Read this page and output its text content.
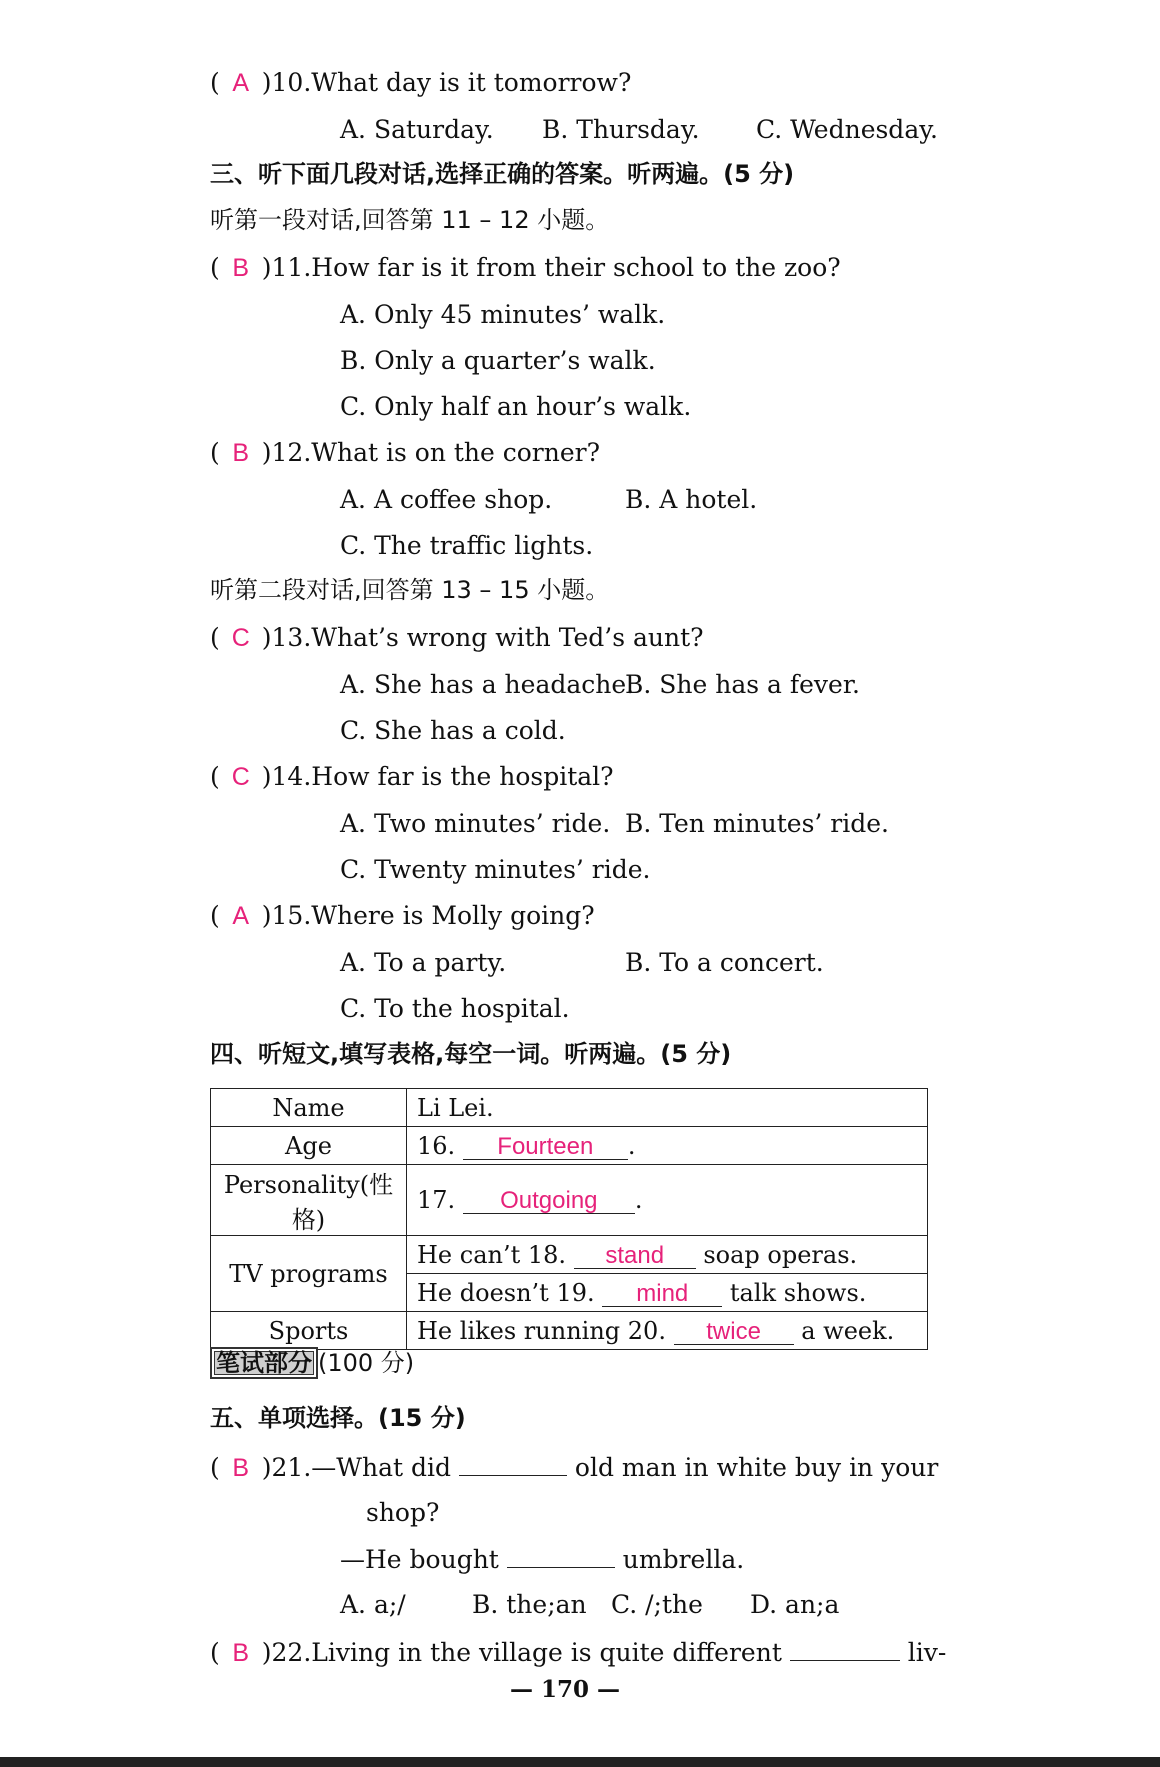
( A )10.What day is it tomorrow?
A. Saturday. B. Thursday. C. Wednesday.
三、听下面几段对话,选择正确的答案。听两遍。(5 分)
听第一段对话,回答第 11 – 12 小题。
( B )11.How far is it from their school to the zoo?
A. Only 45 minutes’ walk.
B. Only a quarter’s walk.
C. Only half an hour’s walk.
( B )12.What is on the corner?
A. A coffee shop.	B. A hotel.
C. The traffic lights.
听第二段对话,回答第 13 – 15 小题。
( C )13.What’s wrong with Ted’s aunt?
A. She has a headache.
B. She has a fever.
C. She has a cold.
( C )14.How far is the hospital?
A. Two minutes’ ride. B. Ten minutes’ ride.
C. Twenty minutes’ ride.
( A )15.Where is Molly going?
A. To a party.	B. To a concert.
C. To the hospital.
四、听短文,填写表格,每空一词。听两遍。(5 分)
Name	Li Lei.
Age	16. Fourteen .
Personality(性格)	17. Outgoing .
TV programs	He can’t 18. stand soap operas.
	He doesn’t 19. mind talk shows.
Sports	He likes running 20. twice a week.
笔试部分 (100 分)
五、单项选择。(15 分)
( B )21.—What did	old man in white buy in your
shop?
—He bought	umbrella.
A. a;/	B. the;an C. /;the D. an;a
( B )22.Living in the village is quite different	liv-
— 170 —
